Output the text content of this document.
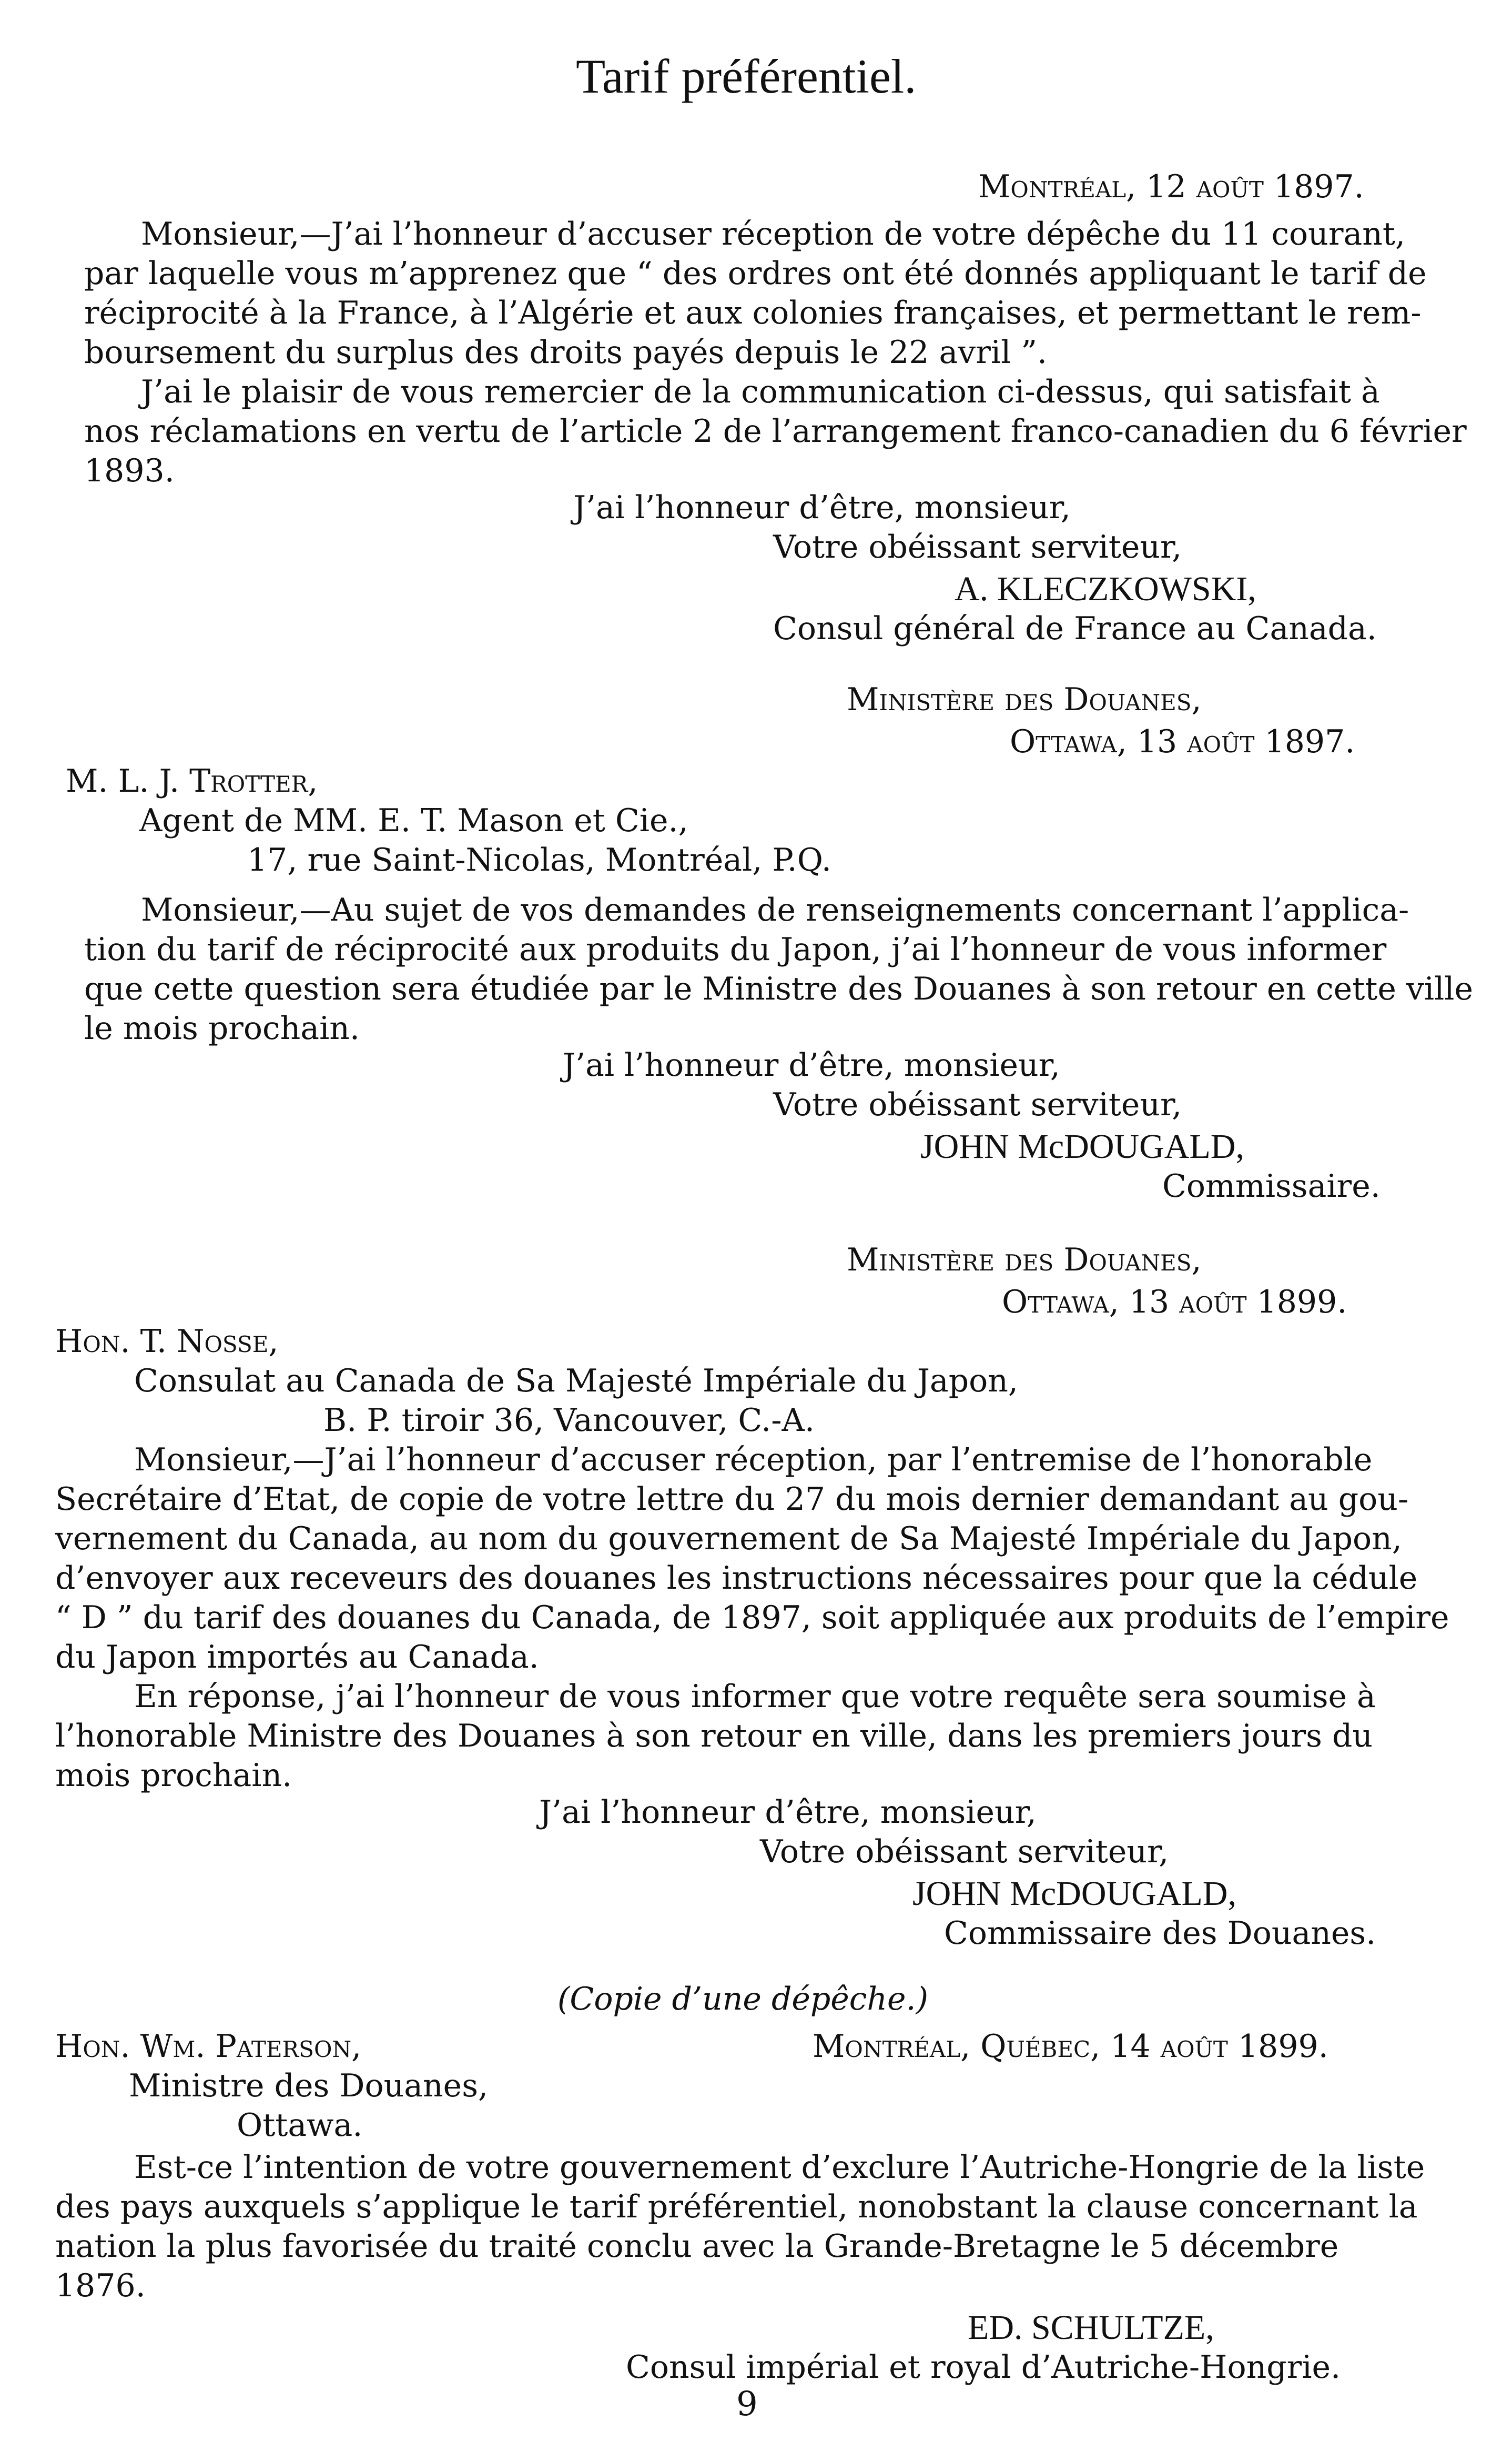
Tarif préférentiel.
Montréal, 12 août 1897.
Monsieur,—J’ai l’honneur d’accuser réception de votre dépêche du 11 courant,
par laquelle vous m’apprenez que “ des ordres ont été donnés appliquant le tarif de
réciprocité à la France, à l’Algérie et aux colonies françaises, et permettant le rem-
boursement du surplus des droits payés depuis le 22 avril ”.
J’ai le plaisir de vous remercier de la communication ci-dessus, qui satisfait à
nos réclamations en vertu de l’article 2 de l’arrangement franco-canadien du 6 février
1893.
J’ai l’honneur d’être, monsieur,
Votre obéissant serviteur,
A. KLECZKOWSKI,
Consul général de France au Canada.
Ministère des Douanes,
Ottawa, 13 août 1897.
M. L. J. Trotter,
Agent de MM. E. T. Mason et Cie.,
17, rue Saint-Nicolas, Montréal, P.Q.
Monsieur,—Au sujet de vos demandes de renseignements concernant l’applica-
tion du tarif de réciprocité aux produits du Japon, j’ai l’honneur de vous informer
que cette question sera étudiée par le Ministre des Douanes à son retour en cette ville
le mois prochain.
J’ai l’honneur d’être, monsieur,
Votre obéissant serviteur,
JOHN McDOUGALD,
Commissaire.
Ministère des Douanes,
Ottawa, 13 août 1899.
Hon. T. Nosse,
Consulat au Canada de Sa Majesté Impériale du Japon,
B. P. tiroir 36, Vancouver, C.-A.
Monsieur,—J’ai l’honneur d’accuser réception, par l’entremise de l’honorable
Secrétaire d’Etat, de copie de votre lettre du 27 du mois dernier demandant au gou-
vernement du Canada, au nom du gouvernement de Sa Majesté Impériale du Japon,
d’envoyer aux receveurs des douanes les instructions nécessaires pour que la cédule
“ D ” du tarif des douanes du Canada, de 1897, soit appliquée aux produits de l’empire
du Japon importés au Canada.
En réponse, j’ai l’honneur de vous informer que votre requête sera soumise à
l’honorable Ministre des Douanes à son retour en ville, dans les premiers jours du
mois prochain.
J’ai l’honneur d’être, monsieur,
Votre obéissant serviteur,
JOHN McDOUGALD,
Commissaire des Douanes.
(Copie d’une dépêche.)
Hon. Wm. Paterson,	Montréal, Québec, 14 août 1899.
Ministre des Douanes,
Ottawa.
Est-ce l’intention de votre gouvernement d’exclure l’Autriche-Hongrie de la liste
des pays auxquels s’applique le tarif préférentiel, nonobstant la clause concernant la
nation la plus favorisée du traité conclu avec la Grande-Bretagne le 5 décembre
1876.
ED. SCHULTZE,
Consul impérial et royal d’Autriche-Hongrie.
9
